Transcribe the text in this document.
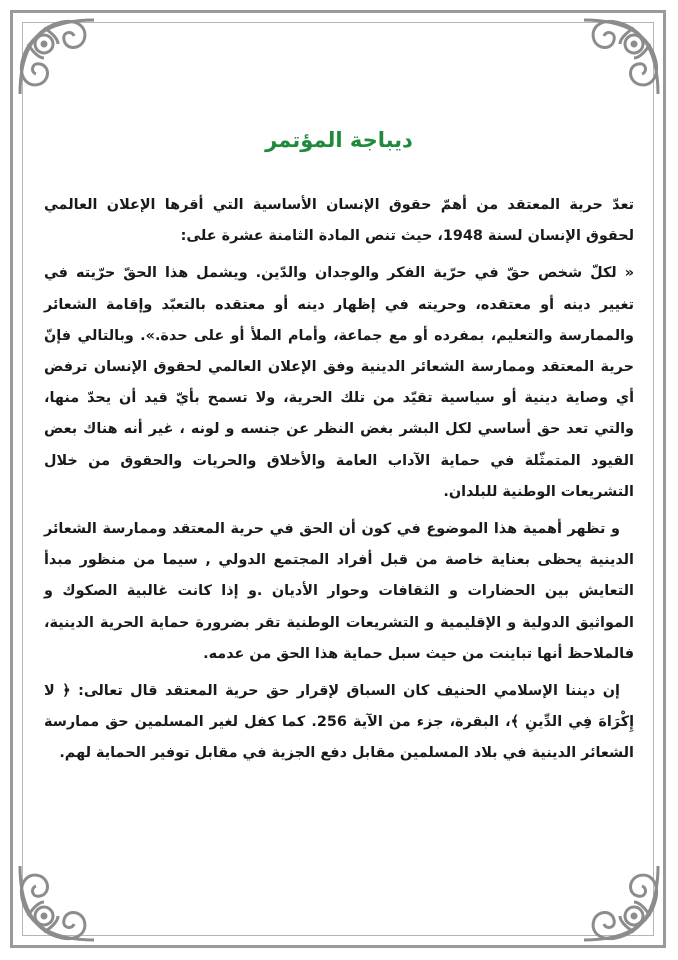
ديباجة المؤتمر

تعدّ حرية المعتقد من أهمّ حقوق الإنسان الأساسية التي أقرها الإعلان العالمي لحقوق الإنسان لسنة 1948، حيث تنص المادة الثامنة عشرة على:

« لكلّ شخص حقّ في حرّية الفكر والوجدان والدّين. ويشمل هذا الحقّ حرّيته في تغيير دينه أو معتقده، وحريته في إظهار دينه أو معتقده بالتعبّد وإقامة الشعائر والممارسة والتعليم، بمفرده أو مع جماعة، وأمام الملأ أو على حدة.». وبالتالي فإنّ حرية المعتقد وممارسة الشعائر الدينية وفق الإعلان العالمي لحقوق الإنسان ترفض أي وصاية دينية أو سياسية تقيّد من تلك الحرية، ولا تسمح بأيّ قيد أن يحدّ منها، والتي تعد حق أساسي لكل البشر بغض النظر عن جنسه و لونه ، غير أنه هناك بعض القيود المتمثّلة في حماية الآداب العامة والأخلاق والحريات والحقوق من خلال التشريعات الوطنية للبلدان.

و تظهر أهمية هذا الموضوع في كون أن الحق في حرية المعتقد وممارسة الشعائر الدينية يحظى بعناية خاصة من قبل أفراد المجتمع الدولي , سيما من منظور مبدأ التعايش بين الحضارات و الثقافات وحوار الأديان .و إذا كانت غالبية الصكوك و المواثيق الدولية و الإقليمية و التشريعات الوطنية تقر بضرورة حماية الحرية الدينية، فالملاحظ أنها تباينت من حيث سبل حماية هذا الحق من عدمه.

إن ديننا الإسلامي الحنيف كان السباق لإقرار حق حرية المعتقد قال تعالى: ﴿ لا إِكْرَاهَ فِي الدِّينِ ﴾، البقرة، جزء من الآية 256. كما كفل لغير المسلمين حق ممارسة الشعائر الدينية في بلاد المسلمين مقابل دفع الجزية في مقابل توفير الحماية لهم.
